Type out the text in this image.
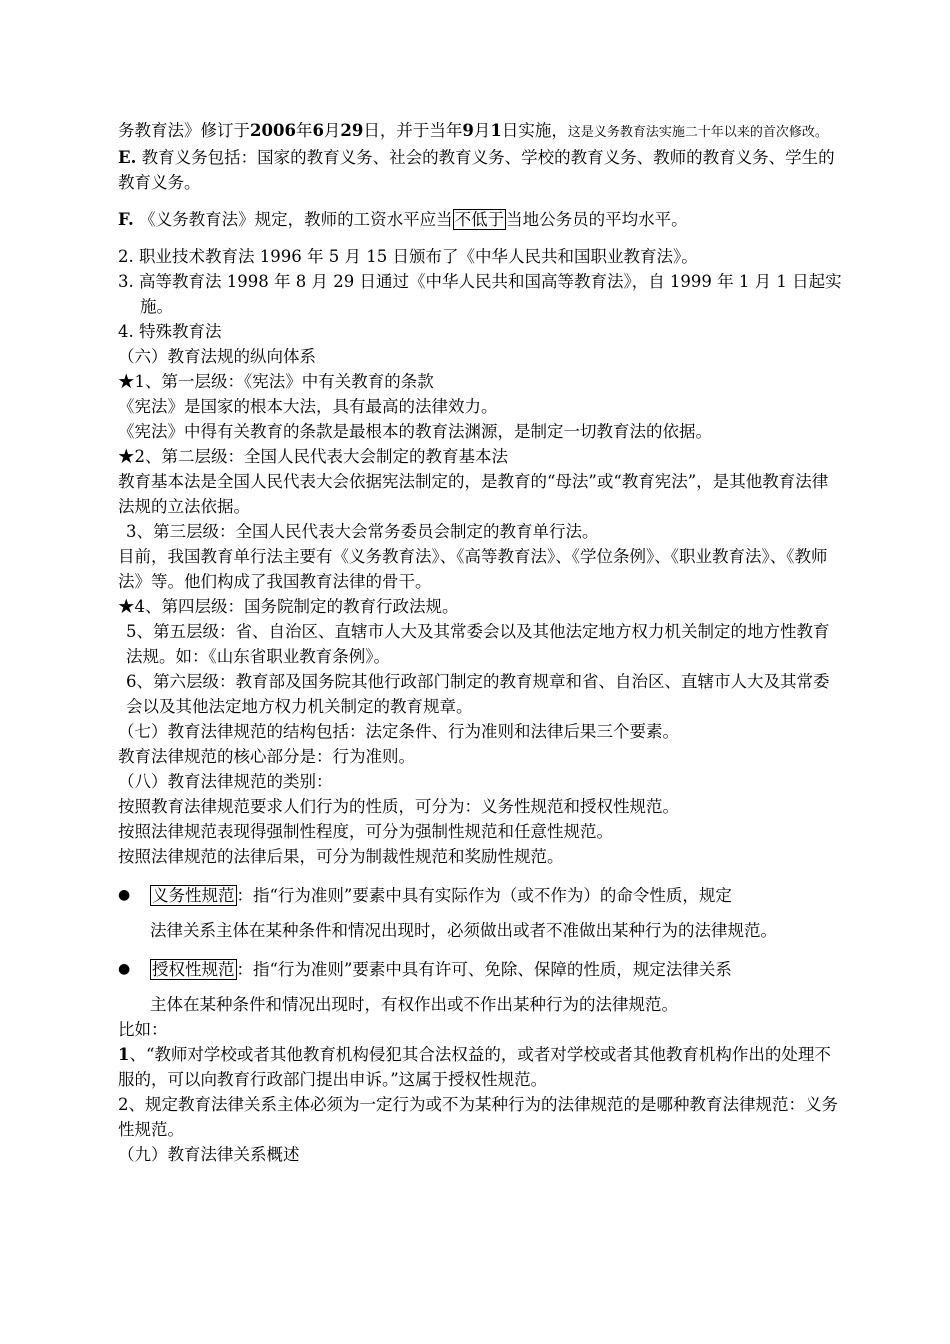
务教育法》修订于2006年6月29日，并于当年9月1日实施，这是义务教育法实施二十年以来的首次修改。

E. 教育义务包括：国家的教育义务、社会的教育义务、学校的教育义务、教师的教育义务、学生的教育义务。

F. 《义务教育法》规定，教师的工资水平应当 不低于 当地公务员的平均水平。

2. 职业技术教育法 1996 年 5 月 15 日颁布了《中华人民共和国职业教育法》。

3. 高等教育法 1998 年 8 月 29 日通过《中华人民共和国高等教育法》，自 1999 年 1 月 1 日起实施。

4. 特殊教育法

（六）教育法规的纵向体系

★1、第一层级：《宪法》中有关教育的条款

《宪法》是国家的根本大法，具有最高的法律效力。

《宪法》中得有关教育的条款是最根本的教育法渊源，是制定一切教育法的依据。

★2、第二层级：全国人民代表大会制定的教育基本法

教育基本法是全国人民代表大会依据宪法制定的，是教育的“母法”或“教育宪法”，是其他教育法律法规的立法依据。

3、第三层级：全国人民代表大会常务委员会制定的教育单行法。

目前，我国教育单行法主要有《义务教育法》、《高等教育法》、《学位条例》、《职业教育法》、《教师法》等。他们构成了我国教育法律的骨干。

★4、第四层级：国务院制定的教育行政法规。

5、第五层级：省、自治区、直辖市人大及其常委会以及其他法定地方权力机关制定的地方性教育法规。如：《山东省职业教育条例》。

6、第六层级：教育部及国务院其他行政部门制定的教育规章和省、自治区、直辖市人大及其常委会以及其他法定地方权力机关制定的教育规章。

（七）教育法律规范的结构包括：法定条件、行为准则和法律后果三个要素。

教育法律规范的核心部分是：行为准则。

（八）教育法律规范的类别：

按照教育法律规范要求人们行为的性质，可分为：义务性规范和授权性规范。

按照法律规范表现得强制性程度，可分为强制性规范和任意性规范。

按照法律规范的法律后果，可分为制裁性规范和奖励性规范。

●	义务性规范 ：指“行为准则”要素中具有实际作为（或不作为）的命令性质，规定

法律关系主体在某种条件和情况出现时，必须做出或者不准做出某种行为的法律规范。

●	授权性规范 ：指“行为准则”要素中具有许可、免除、保障的性质，规定法律关系

主体在某种条件和情况出现时，有权作出或不作出某种行为的法律规范。

比如：

1、“教师对学校或者其他教育机构侵犯其合法权益的，或者对学校或者其他教育机构作出的处理不服的，可以向教育行政部门提出申诉。”这属于授权性规范。

2、规定教育法律关系主体必须为一定行为或不为某种行为的法律规范的是哪种教育法律规范：义务性规范。

（九）教育法律关系概述
